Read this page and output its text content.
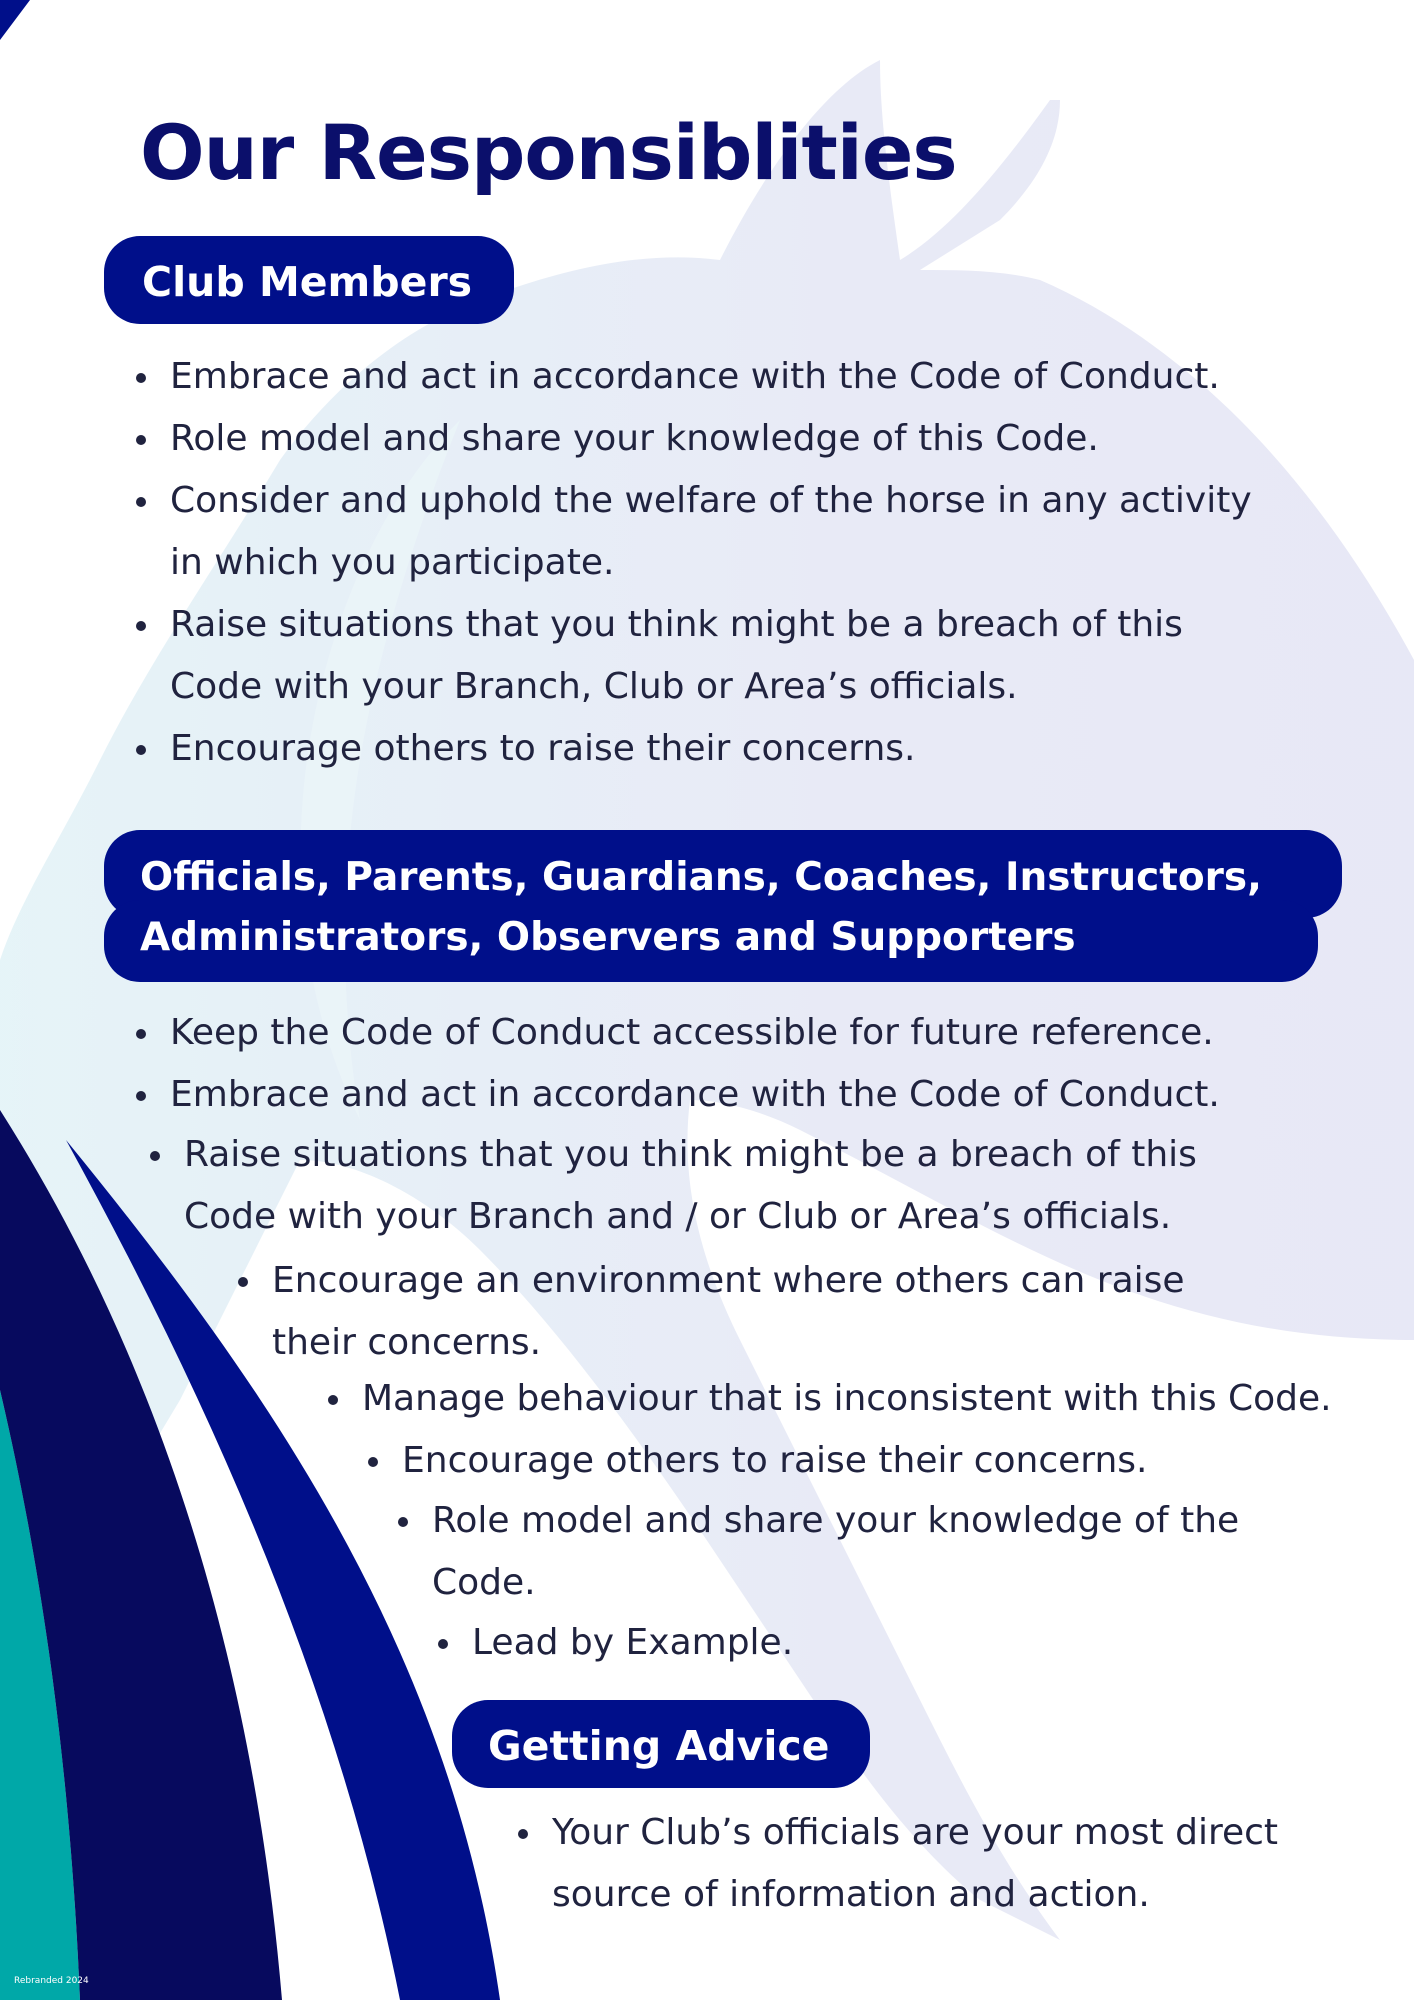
Our Responsiblities
Club Members
Embrace and act in accordance with the Code of Conduct.
Role model and share your knowledge of this Code.
Consider and uphold the welfare of the horse in any activity
in which you participate.
Raise situations that you think might be a breach of this
Code with your Branch, Club or Area’s officials.
Encourage others to raise their concerns.
Officials, Parents, Guardians, Coaches, Instructors,
Administrators, Observers and Supporters
Keep the Code of Conduct accessible for future reference.
Embrace and act in accordance with the Code of Conduct.
Raise situations that you think might be a breach of this
Code with your Branch and / or Club or Area’s officials.
Encourage an environment where others can raise
their concerns.
Manage behaviour that is inconsistent with this Code.
Encourage others to raise their concerns.
Role model and share your knowledge of the
Code.
Lead by Example.
Getting Advice
Your Club’s officials are your most direct
source of information and action.
Rebranded 2024
